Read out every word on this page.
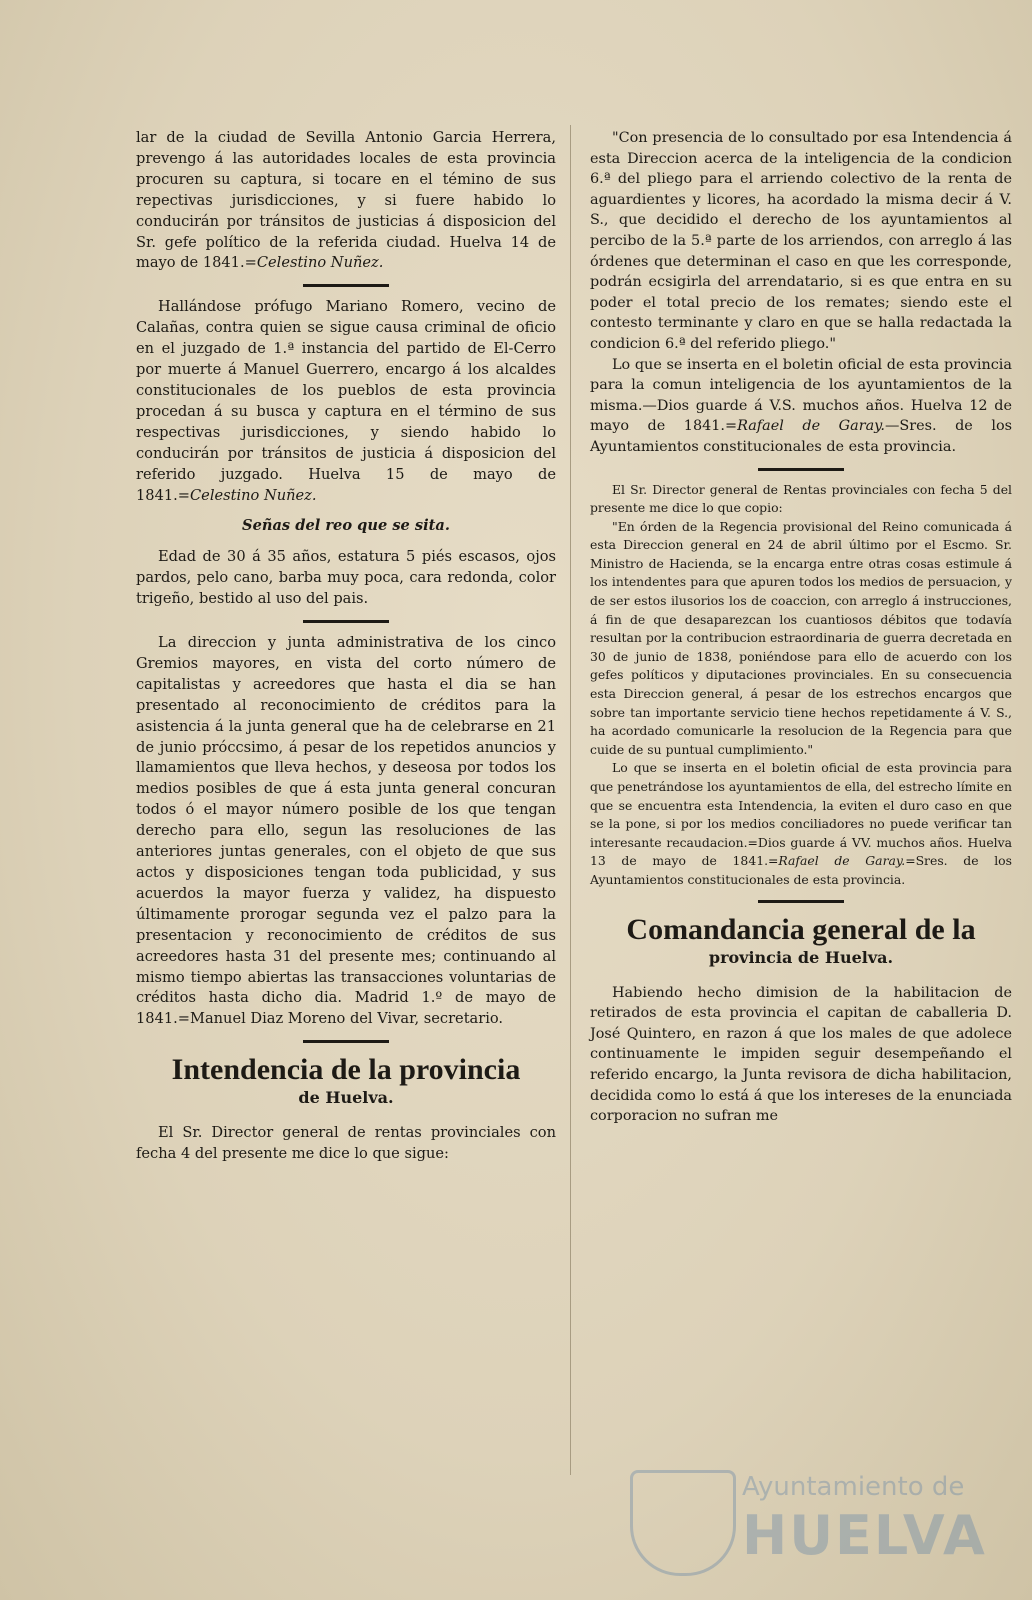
lar de la ciudad de Sevilla Antonio Garcia Herrera, prevengo á las autoridades locales de esta provincia procuren su captura, si tocare en el témino de sus repectivas jurisdicciones, y si fuere habido lo conducirán por tránsitos de justicias á disposicion del Sr. gefe político de la referida ciudad. Huelva 14 de mayo de 1841.=Celestino Nuñez.

Hallándose prófugo Mariano Romero, vecino de Calañas, contra quien se sigue causa criminal de oficio en el juzgado de 1.ª instancia del partido de El-Cerro por muerte á Manuel Guerrero, encargo á los alcaldes constitucionales de los pueblos de esta provincia procedan á su busca y captura en el término de sus respectivas jurisdicciones, y siendo habido lo conducirán por tránsitos de justicia á disposicion del referido juzgado. Huelva 15 de mayo de 1841.=Celestino Nuñez.

Señas del reo que se sita.

Edad de 30 á 35 años, estatura 5 piés escasos, ojos pardos, pelo cano, barba muy poca, cara redonda, color trigeño, bestido al uso del pais.

La direccion y junta administrativa de los cinco Gremios mayores, en vista del corto número de capitalistas y acreedores que hasta el dia se han presentado al reconocimiento de créditos para la asistencia á la junta general que ha de celebrarse en 21 de junio próccsimo, á pesar de los repetidos anuncios y llamamientos que lleva hechos, y deseosa por todos los medios posibles de que á esta junta general concuran todos ó el mayor número posible de los que tengan derecho para ello, segun las resoluciones de las anteriores juntas generales, con el objeto de que sus actos y disposiciones tengan toda publicidad, y sus acuerdos la mayor fuerza y validez, ha dispuesto últimamente prorogar segunda vez el palzo para la presentacion y reconocimiento de créditos de sus acreedores hasta 31 del presente mes; continuando al mismo tiempo abiertas las transacciones voluntarias de créditos hasta dicho dia. Madrid 1.º de mayo de 1841.=Manuel Diaz Moreno del Vivar, secretario.

Intendencia de la provincia

de Huelva.

El Sr. Director general de rentas provinciales con fecha 4 del presente me dice lo que sigue:

"Con presencia de lo consultado por esa Intendencia á esta Direccion acerca de la inteligencia de la condicion 6.ª del pliego para el arriendo colectivo de la renta de aguardientes y licores, ha acordado la misma decir á V. S., que decidido el derecho de los ayuntamientos al percibo de la 5.ª parte de los arriendos, con arreglo á las órdenes que determinan el caso en que les corresponde, podrán ecsigirla del arrendatario, si es que entra en su poder el total precio de los remates; siendo este el contesto terminante y claro en que se halla redactada la condicion 6.ª del referido pliego."

Lo que se inserta en el boletin oficial de esta provincia para la comun inteligencia de los ayuntamientos de la misma.—Dios guarde á V.S. muchos años. Huelva 12 de mayo de 1841.=Rafael de Garay.—Sres. de los Ayuntamientos constitucionales de esta provincia.

El Sr. Director general de Rentas provinciales con fecha 5 del presente me dice lo que copio:

"En órden de la Regencia provisional del Reino comunicada á esta Direccion general en 24 de abril último por el Escmo. Sr. Ministro de Hacienda, se la encarga entre otras cosas estimule á los intendentes para que apuren todos los medios de persuacion, y de ser estos ilusorios los de coaccion, con arreglo á instrucciones, á fin de que desaparezcan los cuantiosos débitos que todavía resultan por la contribucion estraordinaria de guerra decretada en 30 de junio de 1838, poniéndose para ello de acuerdo con los gefes políticos y diputaciones provinciales. En su consecuencia esta Direccion general, á pesar de los estrechos encargos que sobre tan importante servicio tiene hechos repetidamente á V. S., ha acordado comunicarle la resolucion de la Regencia para que cuide de su puntual cumplimiento."

Lo que se inserta en el boletin oficial de esta provincia para que penetrándose los ayuntamientos de ella, del estrecho límite en que se encuentra esta Intendencia, la eviten el duro caso en que se la pone, si por los medios conciliadores no puede verificar tan interesante recaudacion.=Dios guarde á VV. muchos años. Huelva 13 de mayo de 1841.=Rafael de Garay.=Sres. de los Ayuntamientos constitucionales de esta provincia.

Comandancia general de la

provincia de Huelva.

Habiendo hecho dimision de la habilitacion de retirados de esta provincia el capitan de caballeria D. José Quintero, en razon á que los males de que adolece continuamente le impiden seguir desempeñando el referido encargo, la Junta revisora de dicha habilitacion, decidida como lo está á que los intereses de la enunciada corporacion no sufran me

Ayuntamiento de
HUELVA
